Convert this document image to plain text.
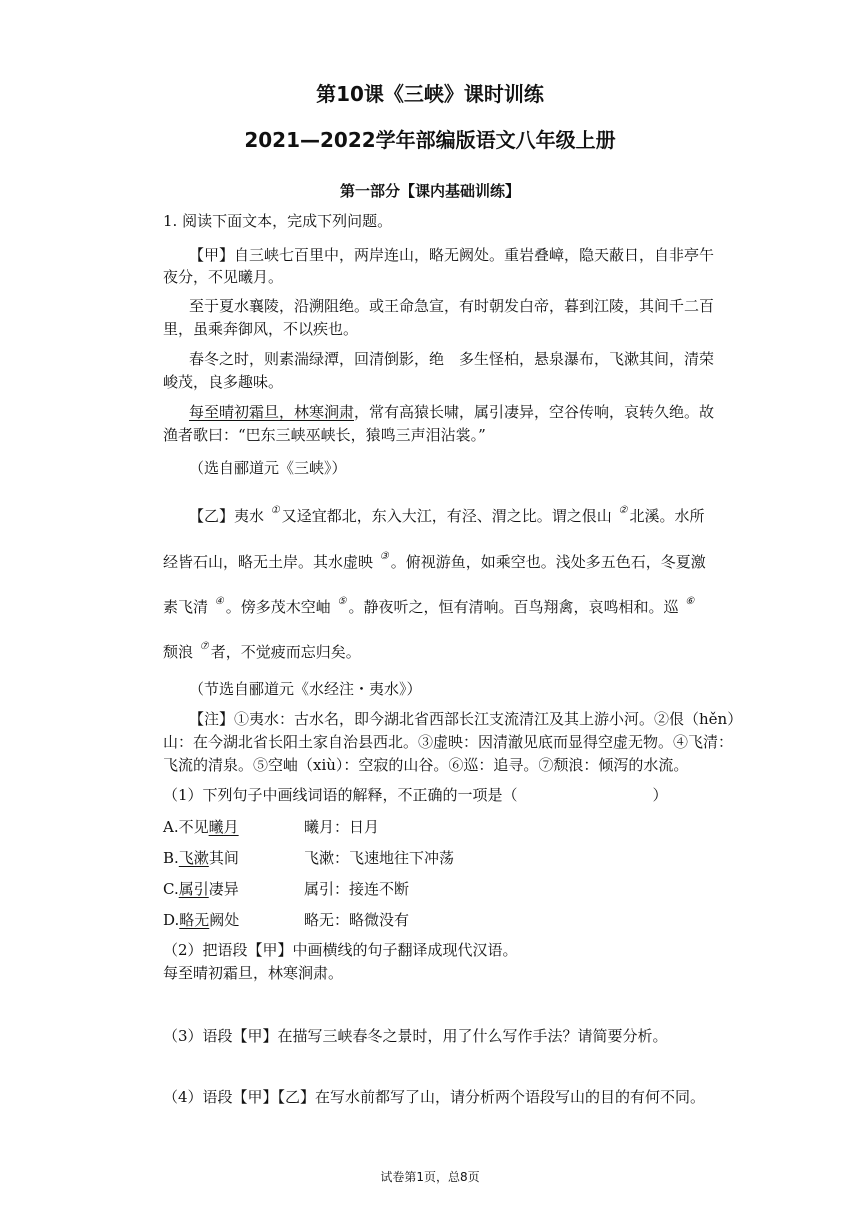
第10课《三峡》课时训练
2021—2022学年部编版语文八年级上册
第一部分【课内基础训练】
1. 阅读下面文本，完成下列问题。
【甲】自三峡七百里中，两岸连山，略无阙处。重岩叠嶂，隐天蔽日，自非亭午
夜分，不见曦月。
至于夏水襄陵，沿溯阻绝。或王命急宣，有时朝发白帝，暮到江陵，其间千二百
里，虽乘奔御风，不以疾也。
春冬之时，则素湍绿潭，回清倒影，绝　多生怪柏，悬泉瀑布，飞漱其间，清荣
峻茂，良多趣味。
每至晴初霜旦，林寒涧肃，常有高猿长啸，属引凄异，空谷传响，哀转久绝。故
渔者歌曰：“巴东三峡巫峡长，猿鸣三声泪沾裳。”
（选自郦道元《三峡》）
【乙】夷水 ① 又迳宜都北，东入大江，有泾、渭之比。谓之佷山 ② 北溪。水所
经皆石山，略无土岸。其水虚映 ③ 。俯视游鱼，如乘空也。浅处多五色石，冬夏激
素飞清 ④ 。傍多茂木空岫 ⑤ 。静夜听之，恒有清响。百鸟翔禽，哀鸣相和。巡 ⑥
颓浪 ⑦ 者，不觉疲而忘归矣。
（节选自郦道元《水经注・夷水》）
【注】①夷水：古水名，即今湖北省西部长江支流清江及其上游小河。②佷（hěn）
山：在今湖北省长阳土家自治县西北。③虚映：因清澈见底而显得空虚无物。④飞清：
飞流的清泉。⑤空岫（xiù）：空寂的山谷。⑥巡：追寻。⑦颓浪：倾泻的水流。
（1）下列句子中画线词语的解释，不正确的一项是（　　　　　　　　　）
A.不见曦月	曦月：日月
B.飞漱其间	飞漱：飞速地往下冲荡
C.属引凄异	属引：接连不断
D.略无阙处	略无：略微没有
（2）把语段【甲】中画横线的句子翻译成现代汉语。
每至晴初霜旦，林寒涧肃。
（3）语段【甲】在描写三峡春冬之景时，用了什么写作手法？请简要分析。
（4）语段【甲】【乙】在写水前都写了山，请分析两个语段写山的目的有何不同。
试卷第1页，总8页
